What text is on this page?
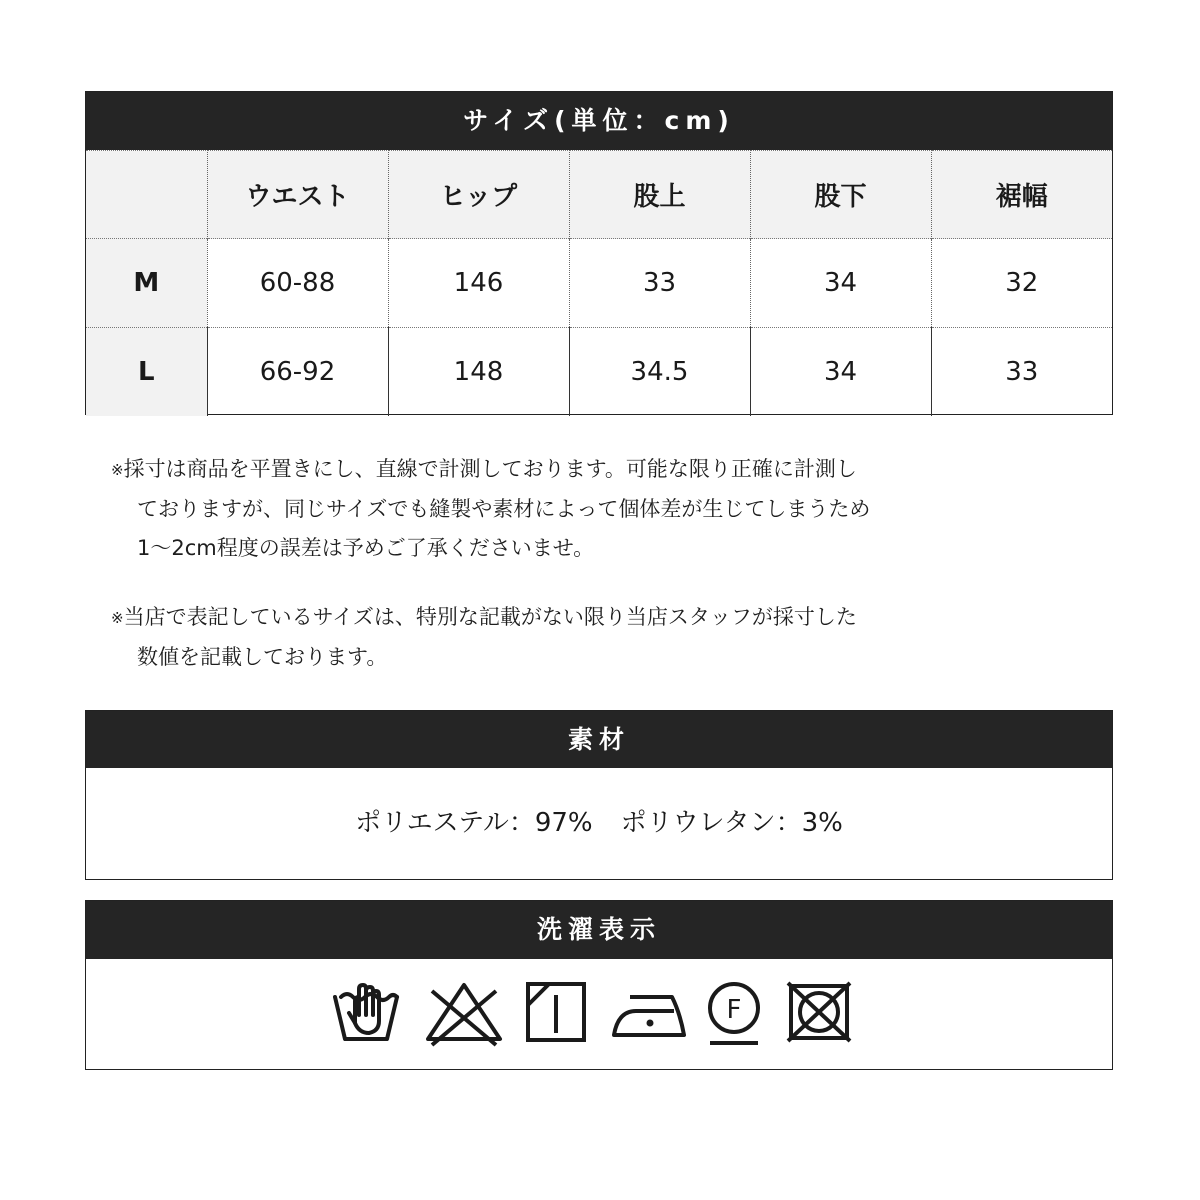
サイズ(単位：cm)
	ウエスト	ヒップ	股上	股下	裾幅
M	60-88	146	33	34	32
L	66-92	148	34.5	34	33

※採寸は商品を平置きにし、直線で計測しております。可能な限り正確に計測し

ておりますが、同じサイズでも縫製や素材によって個体差が生じてしまうため

1〜2cm程度の誤差は予めご了承くださいませ。

※当店で表記しているサイズは、特別な記載がない限り当店スタッフが採寸した

数値を記載しております。

素材
ポリエステル：97% ポリウレタン：3%
洗濯表示
F
